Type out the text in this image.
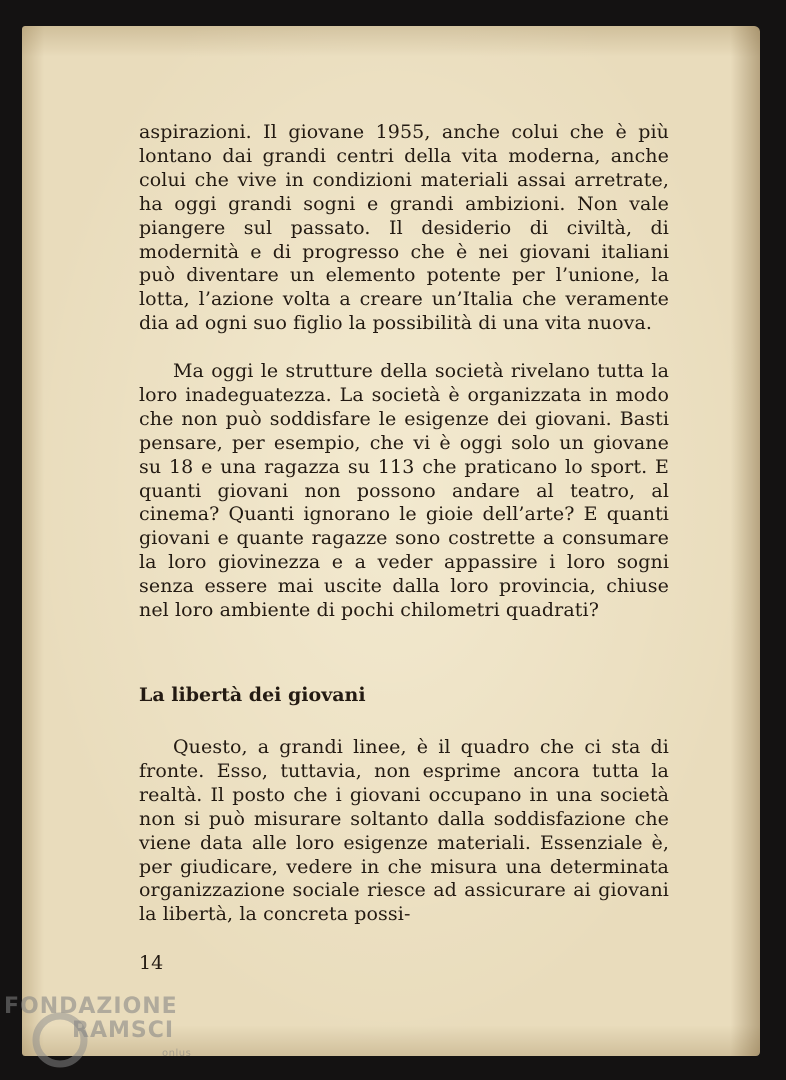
aspirazioni. Il giovane 1955, anche colui che è più lontano dai grandi centri della vita moderna, anche colui che vive in condizioni materiali assai arretrate, ha oggi grandi sogni e grandi ambizioni. Non vale piangere sul passato. Il desiderio di civiltà, di modernità e di progresso che è nei giovani italiani può diventare un elemento potente per l’unione, la lotta, l’azione volta a creare un’Italia che veramente dia ad ogni suo figlio la possibilità di una vita nuova.

Ma oggi le strutture della società rivelano tutta la loro inadeguatezza. La società è organizzata in modo che non può soddisfare le esigenze dei giovani. Basti pensare, per esempio, che vi è oggi solo un giovane su 18 e una ragazza su 113 che praticano lo sport. E quanti giovani non possono andare al teatro, al cinema? Quanti ignorano le gioie dell’arte? E quanti giovani e quante ragazze sono costrette a consumare la loro giovinezza e a veder appassire i loro sogni senza essere mai uscite dalla loro provincia, chiuse nel loro ambiente di pochi chilometri quadrati?

La libertà dei giovani

Questo, a grandi linee, è il quadro che ci sta di fronte. Esso, tuttavia, non esprime ancora tutta la realtà. Il posto che i giovani occupano in una società non si può misurare soltanto dalla soddisfazione che viene data alle loro esigenze materiali. Essenziale è, per giudicare, vedere in che misura una determinata organizzazione sociale riesce ad assicurare ai giovani la libertà, la concreta possi-

14
FONDAZIONE
RAMSCI
onlus
